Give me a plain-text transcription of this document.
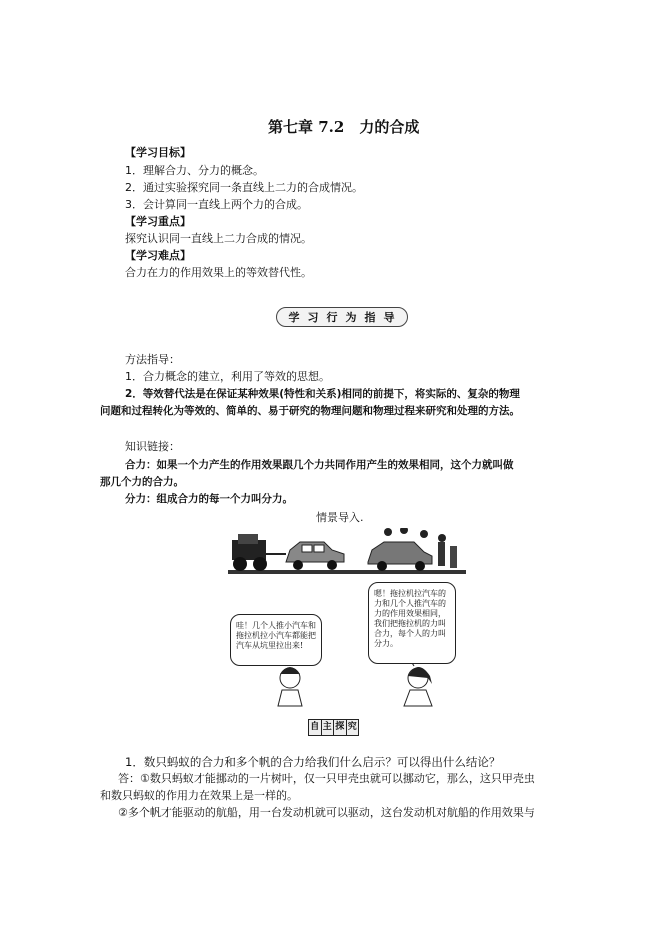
第七章 7.2　力的合成
【学习目标】
1．理解合力、分力的概念。
2．通过实验探究同一条直线上二力的合成情况。
3．会计算同一直线上两个力的合成。
【学习重点】
探究认识同一直线上二力合成的情况。
【学习难点】
合力在力的作用效果上的等效替代性。
学 习 行 为 指 导
方法指导：
1．合力概念的建立，利用了等效的思想。
2．等效替代法是在保证某种效果(特性和关系)相同的前提下，将实际的、复杂的物理
问题和过程转化为等效的、简单的、易于研究的物理问题和物理过程来研究和处理的方法。
知识链接：
合力：如果一个力产生的作用效果跟几个力共同作用产生的效果相同，这个力就叫做
那几个力的合力。
分力：组成合力的每一个力叫分力。
情景导入.
哇！几个人推小汽车和拖拉机拉小汽车都能把汽车从坑里拉出来!
嗯！拖拉机拉汽车的力和几个人推汽车的力的作用效果相同，我们把拖拉机的力叫合力，每个人的力叫分力。
自 主 探 究
1．数只蚂蚁的合力和多个帆的合力给我们什么启示？可以得出什么结论？
答：①数只蚂蚁才能挪动的一片树叶，仅一只甲壳虫就可以挪动它，那么，这只甲壳虫
和数只蚂蚁的作用力在效果上是一样的。
②多个帆才能驱动的航船，用一台发动机就可以驱动，这台发动机对航船的作用效果与
